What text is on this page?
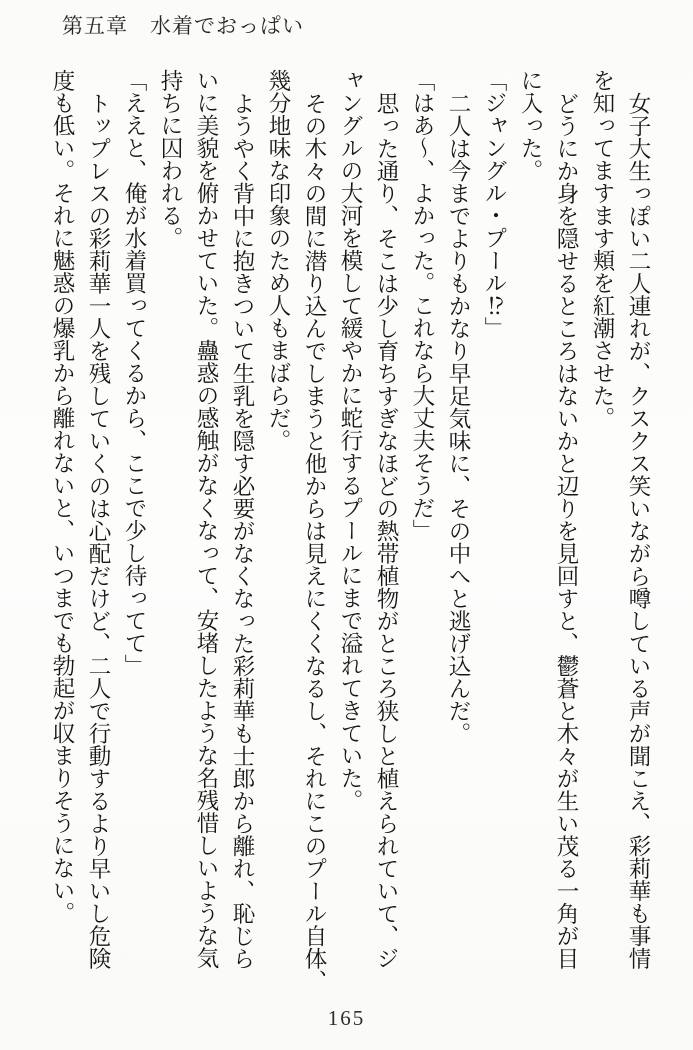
第五章　水着でおっぱい
女子大生っぽい二人連れが、クスクス笑いながら噂している声が聞こえ、彩莉華も事情
を知ってますます頬を紅潮させた。
どうにか身を隠せるところはないかと辺りを見回すと、鬱蒼と木々が生い茂る一角が目
に入った。
「ジャングル・プール⁉」
二人は今までよりもかなり早足気味に、その中へと逃げ込んだ。
「はあ〜、よかった。これなら大丈夫そうだ」
思った通り、そこは少し育ちすぎなほどの熱帯植物がところ狭しと植えられていて、ジ
ャングルの大河を模して緩やかに蛇行するプールにまで溢れてきていた。
その木々の間に潜り込んでしまうと他からは見えにくくなるし、それにこのプール自体、
幾分地味な印象のため人もまばらだ。
ようやく背中に抱きついて生乳を隠す必要がなくなった彩莉華も士郎から離れ、恥じら
いに美貌を俯かせていた。蠱惑の感触がなくなって、安堵したような名残惜しいような気
持ちに囚われる。
「ええと、俺が水着買ってくるから、ここで少し待ってて」
トップレスの彩莉華一人を残していくのは心配だけど、二人で行動するより早いし危険
度も低い。それに魅惑の爆乳から離れないと、いつまでも勃起が収まりそうにない。
165
